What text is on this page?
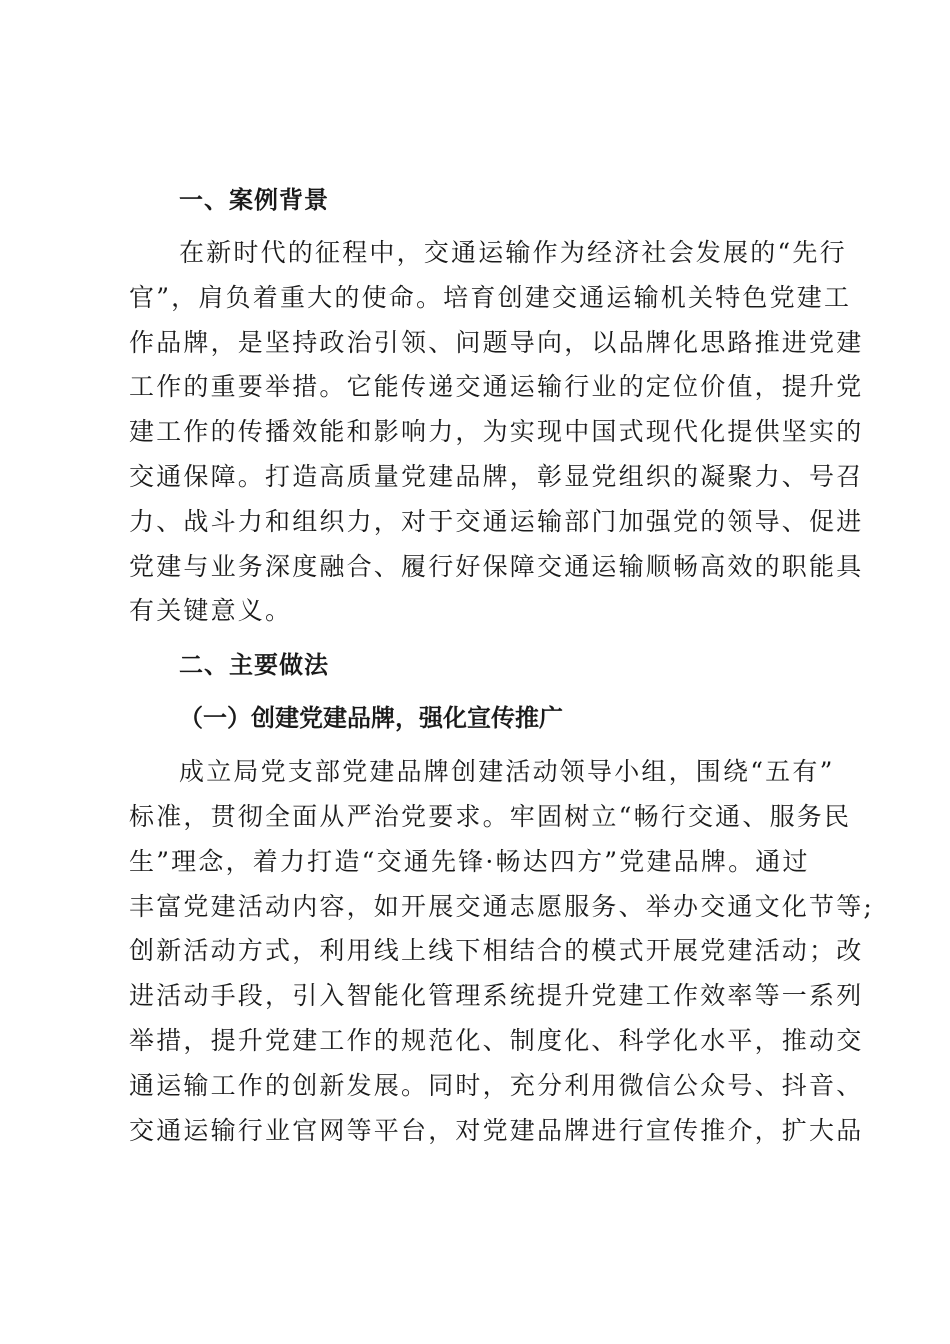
一、案例背景
在新时代的征程中，交通运输作为经济社会发展的“先行
官”，肩负着重大的使命。培育创建交通运输机关特色党建工
作品牌，是坚持政治引领、问题导向，以品牌化思路推进党建
工作的重要举措。它能传递交通运输行业的定位价值，提升党
建工作的传播效能和影响力，为实现中国式现代化提供坚实的
交通保障。打造高质量党建品牌，彰显党组织的凝聚力、号召
力、战斗力和组织力，对于交通运输部门加强党的领导、促进
党建与业务深度融合、履行好保障交通运输顺畅高效的职能具
有关键意义。
二、主要做法
（一）创建党建品牌，强化宣传推广
成立局党支部党建品牌创建活动领导小组，围绕“五有”
标准，贯彻全面从严治党要求。牢固树立“畅行交通、服务民
生”理念，着力打造“交通先锋·畅达四方”党建品牌。通过
丰富党建活动内容，如开展交通志愿服务、举办交通文化节等;
创新活动方式，利用线上线下相结合的模式开展党建活动；改
进活动手段，引入智能化管理系统提升党建工作效率等一系列
举措，提升党建工作的规范化、制度化、科学化水平，推动交
通运输工作的创新发展。同时，充分利用微信公众号、抖音、
交通运输行业官网等平台，对党建品牌进行宣传推介，扩大品
